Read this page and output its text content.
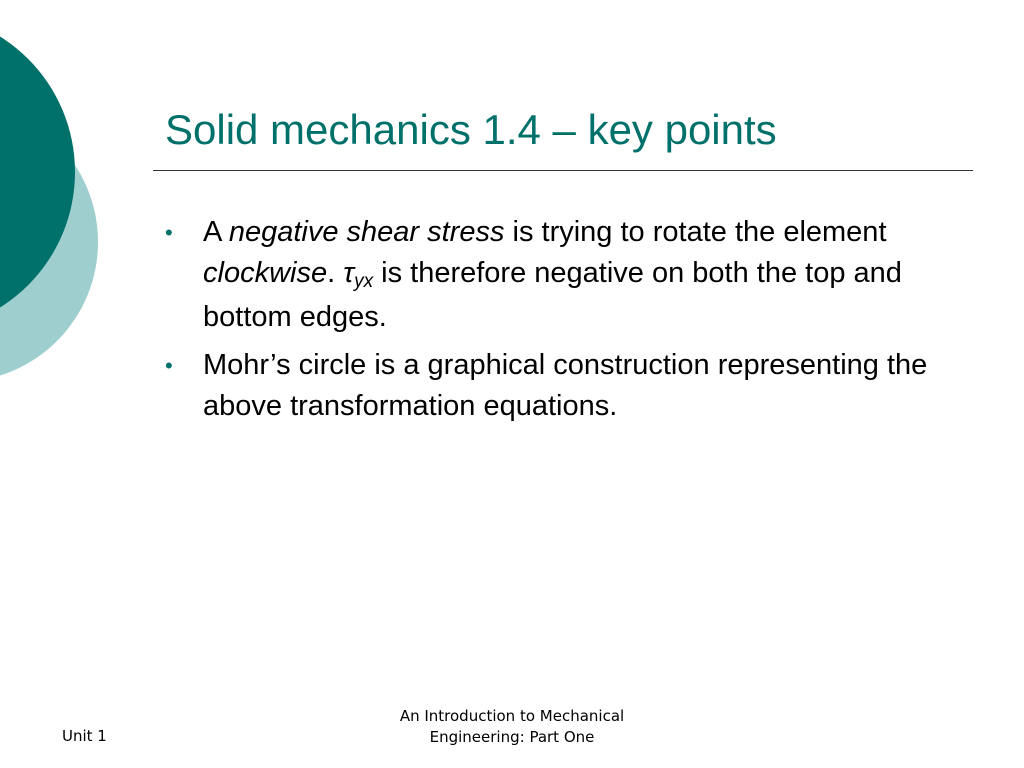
Solid mechanics 1.4 – key points
• A negative shear stress is trying to rotate the element clockwise. τyx is therefore negative on both the top and bottom edges.
• Mohr’s circle is a graphical construction representing the above transformation equations.
Unit 1
An Introduction to Mechanical
Engineering: Part One
